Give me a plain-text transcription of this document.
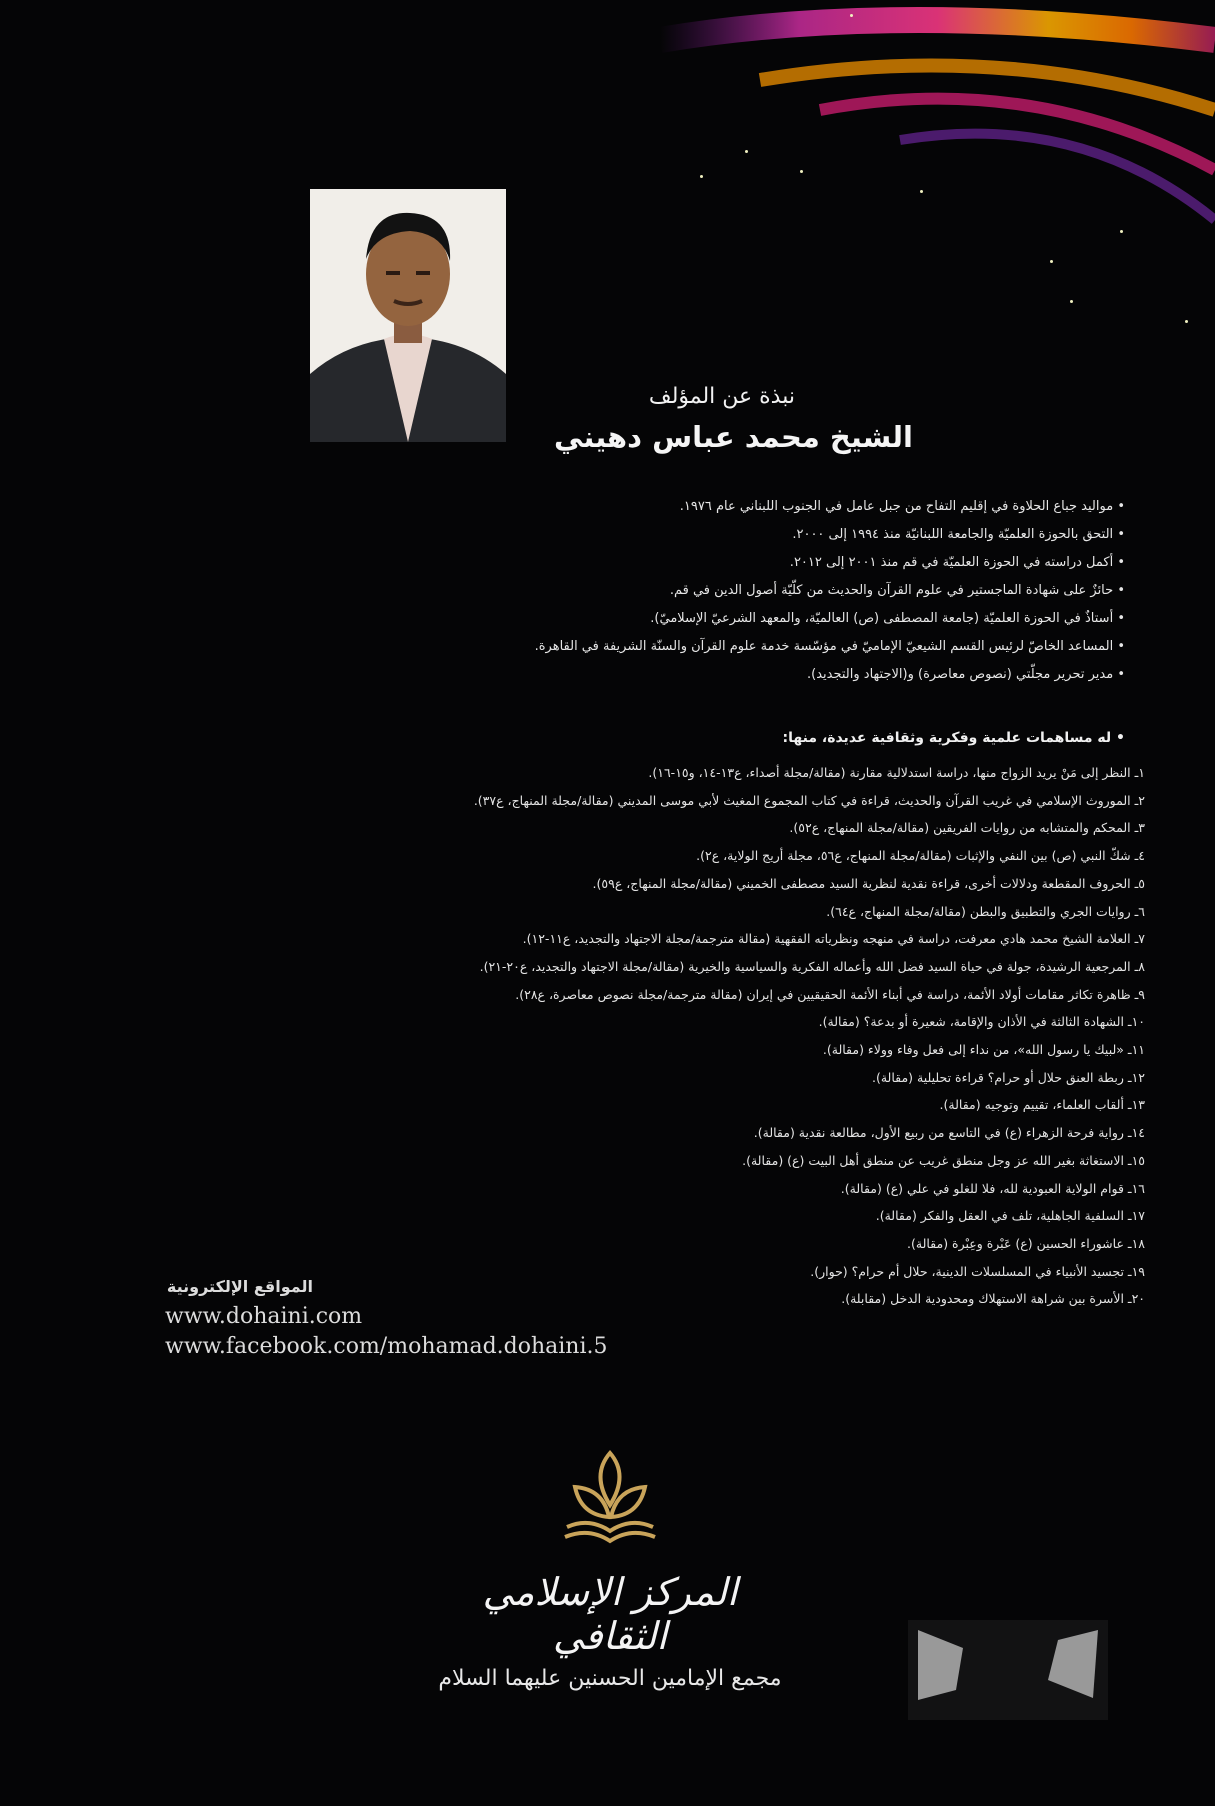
نبذة عن المؤلف
الشيخ محمد عباس دهيني
• مواليد جباع الحلاوة في إقليم التفاح من جبل عامل في الجنوب اللبناني عام ١٩٧٦.
• التحق بالحوزة العلميّة والجامعة اللبنانيّة منذ ١٩٩٤ إلى ٢٠٠٠.
• أكمل دراسته في الحوزة العلميّة في قم منذ ٢٠٠١ إلى ٢٠١٢.
• حائزٌ على شهادة الماجستير في علوم القرآن والحديث من كلّيّة أصول الدين في قم.
• أستاذٌ في الحوزة العلميّة (جامعة المصطفى (ص) العالميّة، والمعهد الشرعيّ الإسلاميّ).
• المساعد الخاصّ لرئيس القسم الشيعيّ الإماميّ في مؤسّسة خدمة علوم القرآن والسنّة الشريفة في القاهرة.
• مدير تحرير مجلّتي (نصوص معاصرة) و(الاجتهاد والتجديد).
• له مساهمات علمية وفكرية وثقافية عديدة، منها:
١ـ النظر إلى مَنْ يريد الزواج منها، دراسة استدلالية مقارنة (مقالة/مجلة أصداء، ع١٣-١٤، و١٥-١٦).
٢ـ الموروث الإسلامي في غريب القرآن والحديث، قراءة في كتاب المجموع المغيث لأبي موسى المديني (مقالة/مجلة المنهاج، ع٣٧).
٣ـ المحكم والمتشابه من روايات الفريقين (مقالة/مجلة المنهاج، ع٥٢).
٤ـ شكّ النبي (ص) بين النفي والإثبات (مقالة/مجلة المنهاج، ع٥٦، مجلة أريج الولاية، ع٢).
٥ـ الحروف المقطعة ودلالات أخرى، قراءة نقدية لنظرية السيد مصطفى الخميني (مقالة/مجلة المنهاج، ع٥٩).
٦ـ روايات الجري والتطبيق والبطن (مقالة/مجلة المنهاج، ع٦٤).
٧ـ العلامة الشيخ محمد هادي معرفت، دراسة في منهجه ونظرياته الفقهية (مقالة مترجمة/مجلة الاجتهاد والتجديد، ع١١-١٢).
٨ـ المرجعية الرشيدة، جولة في حياة السيد فضل الله وأعماله الفكرية والسياسية والخيرية (مقالة/مجلة الاجتهاد والتجديد، ع٢٠-٢١).
٩ـ ظاهرة تكاثر مقامات أولاد الأئمة، دراسة في أبناء الأئمة الحقيقيين في إيران (مقالة مترجمة/مجلة نصوص معاصرة، ع٢٨).
١٠ـ الشهادة الثالثة في الأذان والإقامة، شعيرة أو بدعة؟ (مقالة).
١١ـ «لبيك يا رسول الله»، من نداء إلى فعل وفاء وولاء (مقالة).
١٢ـ ربطة العنق حلال أو حرام؟ قراءة تحليلية (مقالة).
١٣ـ ألقاب العلماء، تقييم وتوجيه (مقالة).
١٤ـ رواية فرحة الزهراء (ع) في التاسع من ربيع الأول، مطالعة نقدية (مقالة).
١٥ـ الاستغاثة بغير الله عز وجل منطق غريب عن منطق أهل البيت (ع) (مقالة).
١٦ـ قوام الولاية العبودية لله، فلا للغلو في علي (ع) (مقالة).
١٧ـ السلفية الجاهلية، تلف في العقل والفكر (مقالة).
١٨ـ عاشوراء الحسين (ع) عَبْرة وعِبْرة (مقالة).
١٩ـ تجسيد الأنبياء في المسلسلات الدينية، حلال أم حرام؟ (حوار).
٢٠ـ الأسرة بين شراهة الاستهلاك ومحدودية الدخل (مقابلة).
المواقع الإلكترونية
www.dohaini.com
www.facebook.com/mohamad.dohaini.5
المركز الإسلامي الثقافي
مجمع الإمامين الحسنين عليهما السلام
